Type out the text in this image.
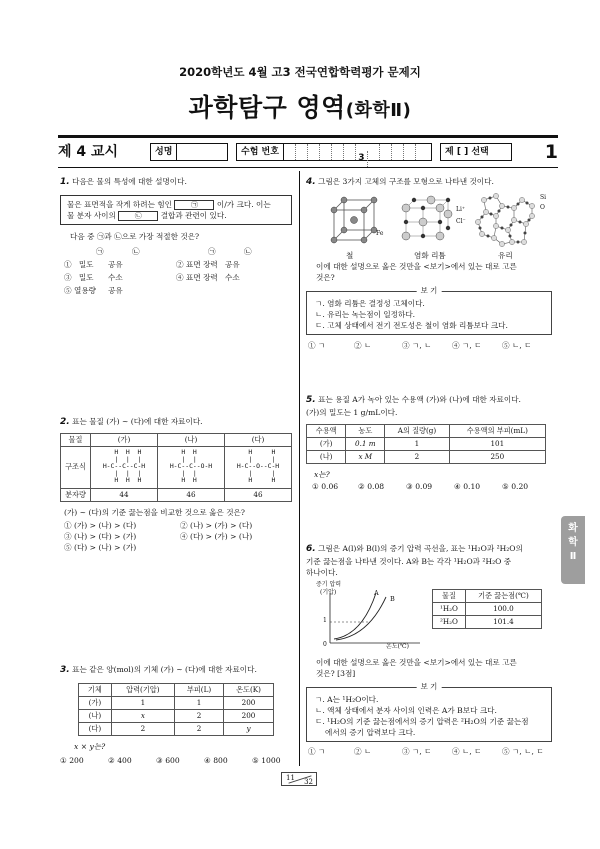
2020학년도 4월 고3 전국연합학력평가 문제지
과학탐구 영역(화학Ⅱ)
제 4 교시	성명	수험 번호3
제 [ ] 선택	1
1. 다음은 물의 특성에 대한 설명이다.
물은 표면적을 작게 하려는 힘인	㉠ 이/가 크다. 이는
물 분자 사이의	㉡ 결합과 관련이 있다.
다음 중 ㉠과 ㉡으로 가장 적절한 것은?
㉠	㉡	㉠	㉡
①   밀도      공유	② 표면 장력   공유
③   밀도      수소	④ 표면 장력   수소
⑤ 열용량     공유
2. 표는 물질 (가) ~ (다)에 대한 자료이다.
물질	(가)	(나)	(다)
구조식	H  H  H
|  |  |
H-C--C--C-H
|  |  |
H  H  H	H  H
|  |
H-C--C--O-H
|  |
H  H	H     H
|     |
H-C--O--C-H
|     |
H     H
분자량	44	46	46
(가) ~ (다)의 기준 끓는점을 비교한 것으로 옳은 것은?
① (가) > (나) > (다)	② (나) > (가) > (다)
③ (나) > (다) > (가)	④ (다) > (가) > (나)
⑤ (다) > (나) > (가)
3. 표는 같은 양(mol)의 기체 (가) ~ (다)에 대한 자료이다.
기체	압력(기압)	부피(L)	온도(K)
(가)	1	1	200
(나)	x	2	200
(다)	2	2	y
x × y는?
① 200	② 400	③ 600	④ 800	⑤ 1000
4. 그림은 3가지 고체의 구조를 모형으로 나타낸 것이다.
Fe
Li⁺
Cl⁻
Si
O
철	염화 리튬	유리
이에 대한 설명으로 옳은 것만을 <보기>에서 있는 대로 고른
것은?
보 기
ㄱ. 염화 리튬은 결정성 고체이다.
ㄴ. 유리는 녹는점이 일정하다.
ㄷ. 고체 상태에서 전기 전도성은 철이 염화 리튬보다 크다.
① ㄱ	② ㄴ	③ ㄱ, ㄴ	④ ㄱ, ㄷ	⑤ ㄴ, ㄷ
5. 표는 용질 A가 녹아 있는 수용액 (가)와 (나)에 대한 자료이다.
(가)의 밀도는 1 g/mL이다.
수용액	농도	A의 질량(g)	수용액의 부피(mL)
(가)	0.1 m	1	101
(나)	x M	2	250
x는?
① 0.06	② 0.08	③ 0.09	④ 0.10	⑤ 0.20
6. 그림은 A(l)와 B(l)의 증기 압력 곡선을, 표는 ¹H₂O과 ²H₂O의
기준 끓는점을 나타낸 것이다. A와 B는 각각 ¹H₂O과 ²H₂O 중
하나이다.
증기 압력
(기압)	A
B
1
0	온도(℃)
물질	기준 끓는점(℃)
¹H₂O	100.0
²H₂O	101.4
이에 대한 설명으로 옳은 것만을 <보기>에서 있는 대로 고른
것은? [3점]
보 기
ㄱ. A는 ¹H₂O이다.
ㄴ. 액체 상태에서 분자 사이의 인력은 A가 B보다 크다.
ㄷ. ¹H₂O의 기준 끓는점에서의 증기 압력은 ²H₂O의 기준 끓는점
에서의 증기 압력보다 크다.
① ㄱ	② ㄴ	③ ㄱ, ㄷ	④ ㄴ, ㄷ	⑤ ㄱ, ㄴ, ㄷ
화
학
Ⅱ
11 32
